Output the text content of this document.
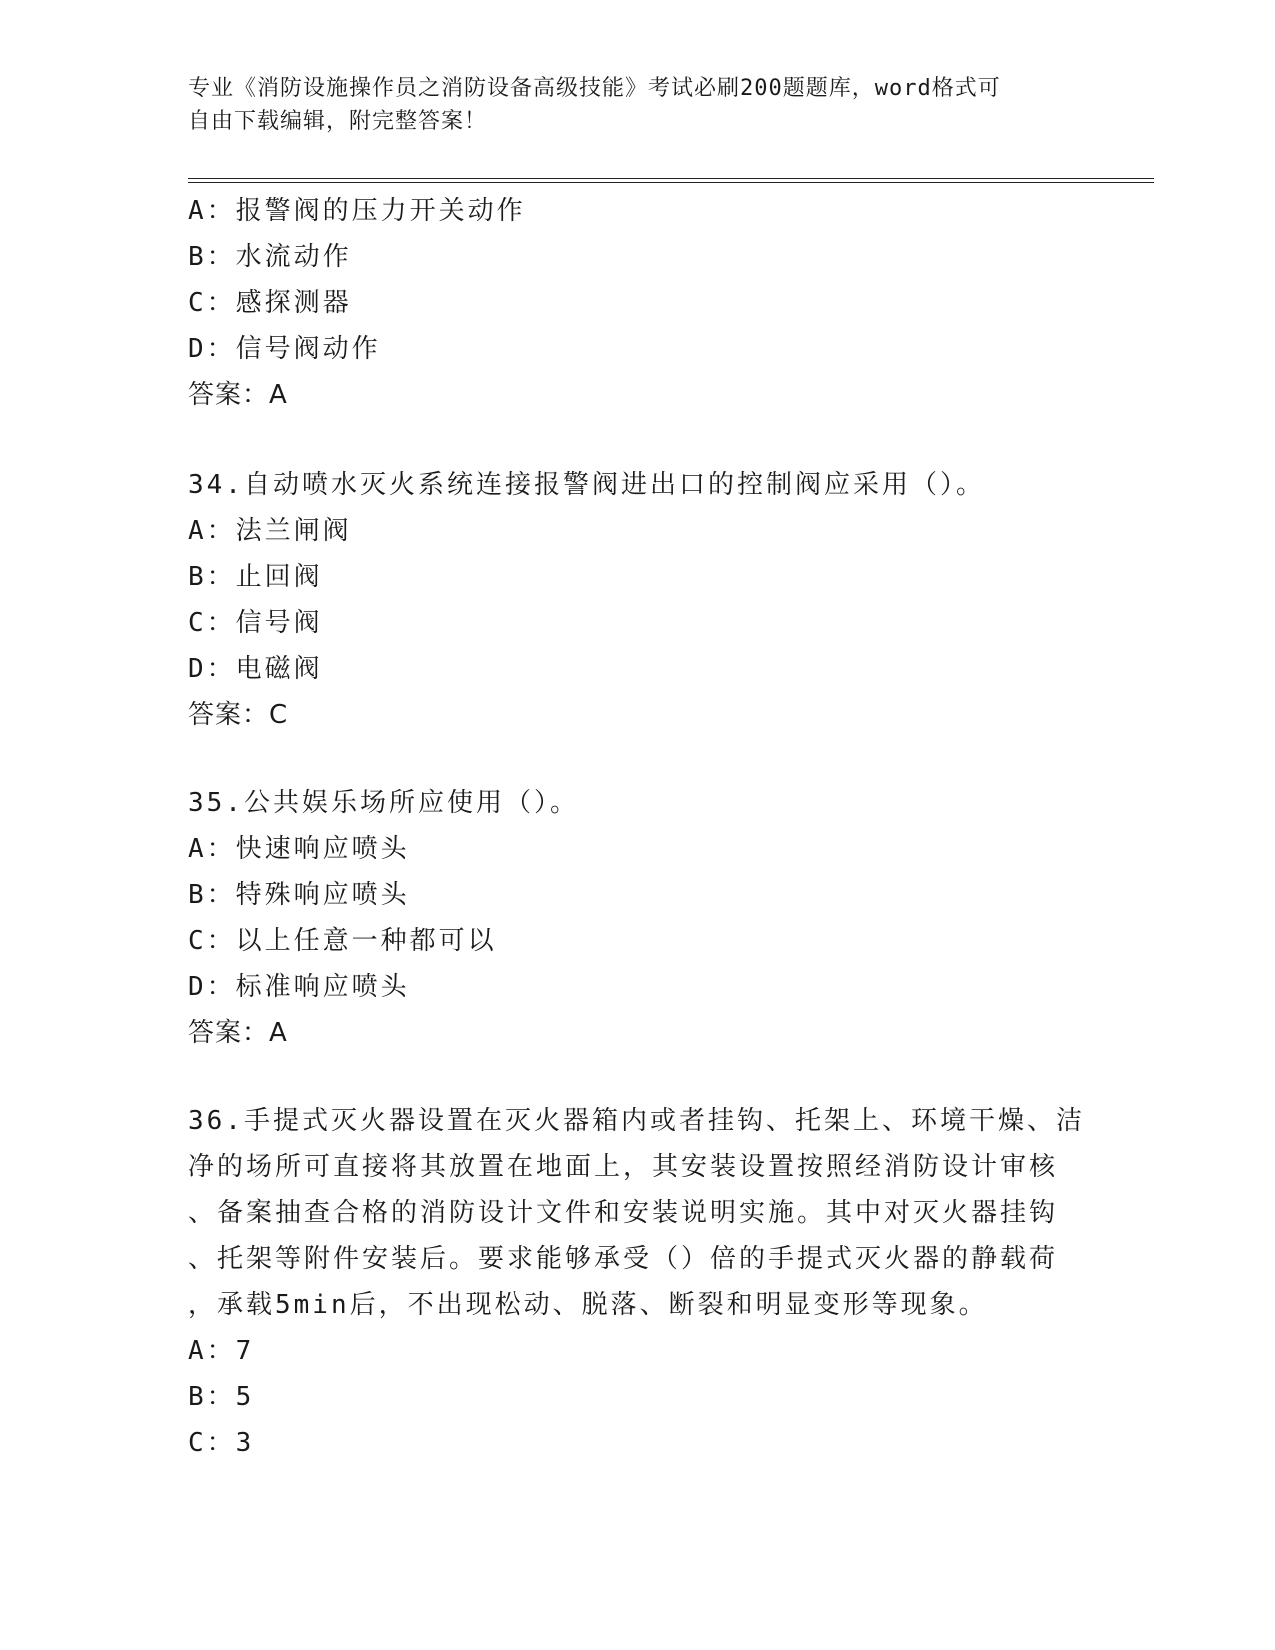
专业《消防设施操作员之消防设备高级技能》考试必刷200题题库，word格式可
自由下载编辑，附完整答案！
A：报警阀的压力开关动作
B：水流动作
C：感探测器
D：信号阀动作
答案：A
34.自动喷水灭火系统连接报警阀进出口的控制阀应采用（）。
A：法兰闸阀
B：止回阀
C：信号阀
D：电磁阀
答案：C
35.公共娱乐场所应使用（）。
A：快速响应喷头
B：特殊响应喷头
C：以上任意一种都可以
D：标准响应喷头
答案：A
36.手提式灭火器设置在灭火器箱内或者挂钩、托架上、环境干燥、洁
净的场所可直接将其放置在地面上，其安装设置按照经消防设计审核
、备案抽查合格的消防设计文件和安装说明实施。其中对灭火器挂钩
、托架等附件安装后。要求能够承受（）倍的手提式灭火器的静载荷
，承载5min后，不出现松动、脱落、断裂和明显变形等现象。
A：7
B：5
C：3
